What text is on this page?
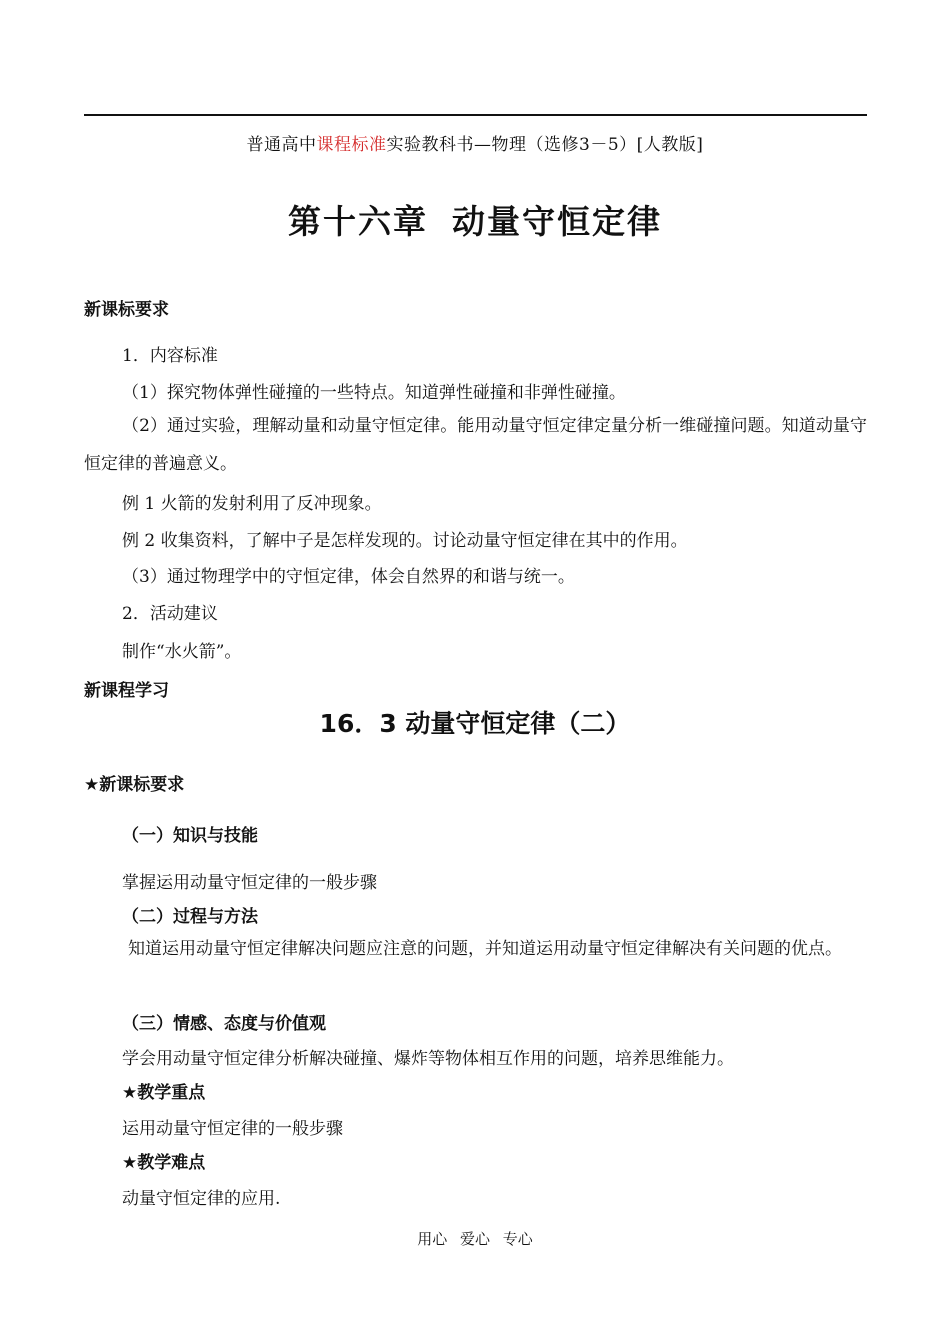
普通高中课程标准实验教科书—物理（选修3－5）[人教版]
第十六章 动量守恒定律
新课标要求
1．内容标准
（1）探究物体弹性碰撞的一些特点。知道弹性碰撞和非弹性碰撞。
（2）通过实验，理解动量和动量守恒定律。能用动量守恒定律定量分析一维碰撞问题。知道动量守恒定律的普遍意义。
例 1 火箭的发射利用了反冲现象。
例 2 收集资料，了解中子是怎样发现的。讨论动量守恒定律在其中的作用。
（3）通过物理学中的守恒定律，体会自然界的和谐与统一。
2．活动建议
制作“水火箭”。
新课程学习
16．3 动量守恒定律（二）
★新课标要求
（一）知识与技能
掌握运用动量守恒定律的一般步骤
（二）过程与方法
知道运用动量守恒定律解决问题应注意的问题，并知道运用动量守恒定律解决有关问题的优点。
（三）情感、态度与价值观
学会用动量守恒定律分析解决碰撞、爆炸等物体相互作用的问题，培养思维能力。
★教学重点
运用动量守恒定律的一般步骤
★教学难点
动量守恒定律的应用.
用心 爱心 专心
